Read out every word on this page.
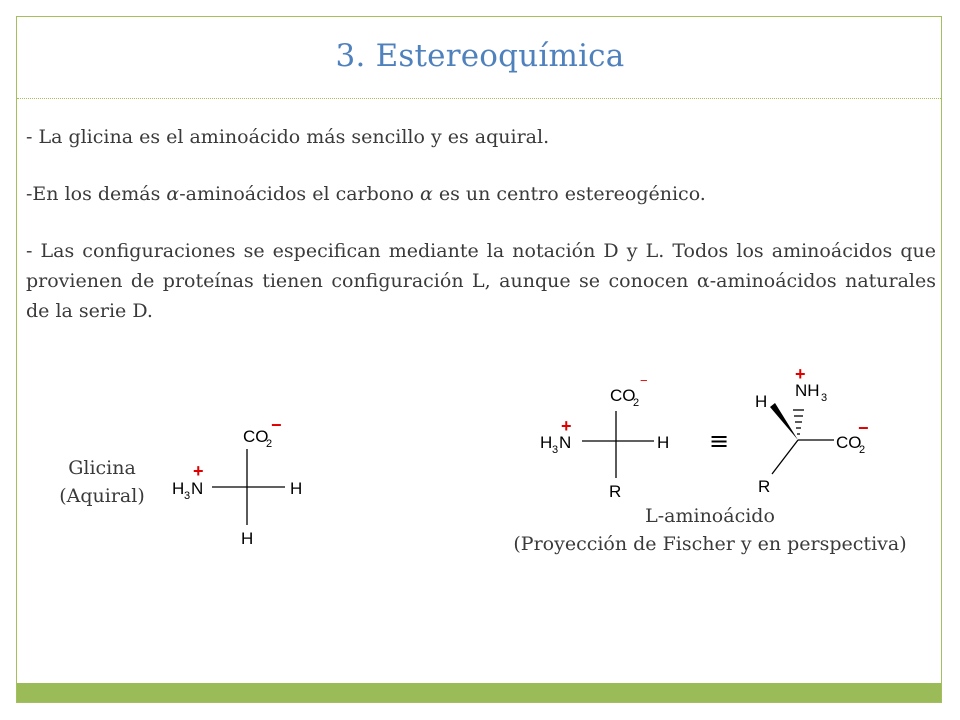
3. Estereoquímica

- La glicina es el aminoácido más sencillo y es aquiral.

-En los demás α-aminoácidos el carbono α es un centro estereogénico.

- Las configuraciones se especifican mediante la notación D y L. Todos los aminoácidos que provienen de proteínas tienen configuración L, aunque se conocen α-aminoácidos naturales de la serie D.

CO
2
−
H 3 N
+
H
H
CO
2
−
H 3 N
+
H
R
≡
NH 3
+
H
CO
2
−
R
Glicina
(Aquiral)
L-aminoácido
(Proyección de Fischer y en perspectiva)
